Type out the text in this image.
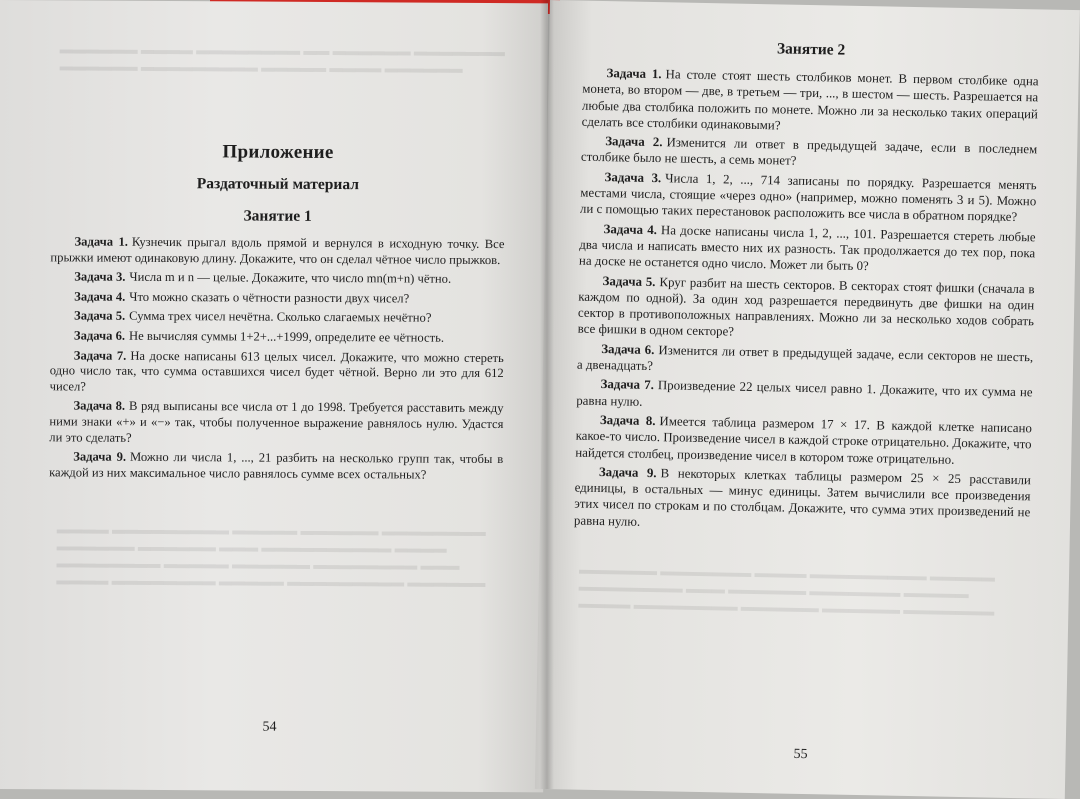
▬▬▬▬▬▬ ▬▬▬▬ ▬▬▬▬▬▬▬▬ ▬▬ ▬▬▬▬▬▬ ▬▬▬▬▬▬▬
▬▬▬▬▬▬ ▬▬▬▬▬▬▬▬▬ ▬▬▬▬▬ ▬▬▬▬ ▬▬▬▬▬▬
Приложение
Раздаточный материал
Занятие 1

Задача 1. Кузнечик прыгал вдоль прямой и вернулся в исходную точку. Все прыжки имеют одинаковую длину. Докажите, что он сделал чётное число прыжков.

Задача 3. Числа m и n — целые. Докажите, что число mn(m+n) чётно.

Задача 4. Что можно сказать о чётности разности двух чисел?

Задача 5. Сумма трех чисел нечётна. Сколько слагаемых нечётно?

Задача 6. Не вычисляя суммы 1+2+...+1999, определите ее чётность.

Задача 7. На доске написаны 613 целых чисел. Докажите, что можно стереть одно число так, что сумма оставшихся чисел будет чётной. Верно ли это для 612 чисел?

Задача 8. В ряд выписаны все числа от 1 до 1998. Требуется расставить между ними знаки «+» и «−» так, чтобы полученное выражение равнялось нулю. Удастся ли это сделать?

Задача 9. Можно ли числа 1, ..., 21 разбить на несколько групп так, чтобы в каждой из них максимальное число равнялось сумме всех остальных?

▬▬▬▬ ▬▬▬▬▬▬▬▬▬ ▬▬▬▬▬ ▬▬▬▬▬▬ ▬▬▬▬▬▬▬▬
▬▬▬▬▬▬ ▬▬▬▬▬▬ ▬▬▬ ▬▬▬▬▬▬▬▬▬▬ ▬▬▬▬
▬▬▬▬▬▬▬▬ ▬▬▬▬▬ ▬▬▬▬▬▬ ▬▬▬▬▬▬▬▬ ▬▬▬
▬▬▬▬ ▬▬▬▬▬▬▬▬ ▬▬▬▬▬ ▬▬▬▬▬▬▬▬▬ ▬▬▬▬▬▬
54
Занятие 2

Задача 1. На столе стоят шесть столбиков монет. В первом столбике одна монета, во втором — две, в третьем — три, ..., в шестом — шесть. Разрешается на любые два столбика положить по монете. Можно ли за несколько таких операций сделать все столбики одинаковыми?

Задача 2. Изменится ли ответ в предыдущей задаче, если в последнем столбике было не шесть, а семь монет?

Задача 3. Числа 1, 2, ..., 714 записаны по порядку. Разрешается менять местами числа, стоящие «через одно» (например, можно поменять 3 и 5). Можно ли с помощью таких перестановок расположить все числа в обратном порядке?

Задача 4. На доске написаны числа 1, 2, ..., 101. Разрешается стереть любые два числа и написать вместо них их разность. Так продолжается до тех пор, пока на доске не останется одно число. Может ли быть 0?

Задача 5. Круг разбит на шесть секторов. В секторах стоят фишки (сначала в каждом по одной). За один ход разрешается передвинуть две фишки на один сектор в противоположных направлениях. Можно ли за несколько ходов собрать все фишки в одном секторе?

Задача 6. Изменится ли ответ в предыдущей задаче, если секторов не шесть, а двенадцать?

Задача 7. Произведение 22 целых чисел равно 1. Докажите, что их сумма не равна нулю.

Задача 8. Имеется таблица размером 17 × 17. В каждой клетке написано какое-то число. Произведение чисел в каждой строке отрицательно. Докажите, что найдется столбец, произведение чисел в котором тоже отрицательно.

Задача 9. В некоторых клетках таблицы размером 25 × 25 расставили единицы, в остальных — минус единицы. Затем вычислили все произведения этих чисел по строкам и по столбцам. Докажите, что сумма этих произведений не равна нулю.

▬▬▬▬▬▬ ▬▬▬▬▬▬▬ ▬▬▬▬ ▬▬▬▬▬▬▬▬▬ ▬▬▬▬▬
▬▬▬▬▬▬▬▬ ▬▬▬ ▬▬▬▬▬▬ ▬▬▬▬▬▬▬ ▬▬▬▬▬
▬▬▬▬ ▬▬▬▬▬▬▬▬ ▬▬▬▬▬▬ ▬▬▬▬▬▬ ▬▬▬▬▬▬▬
55
